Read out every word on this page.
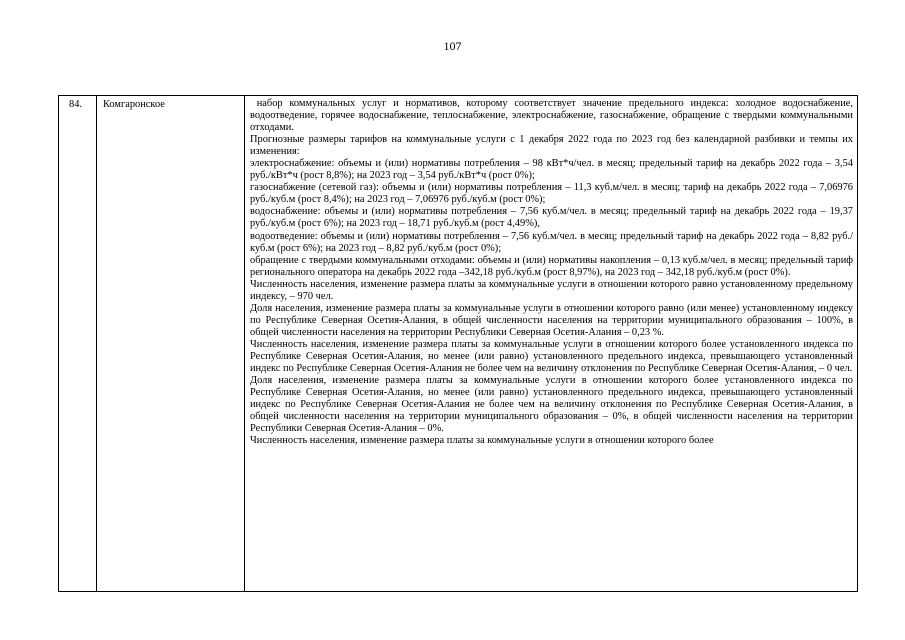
107
84.	Комгаронское	набор коммунальных услуг и нормативов, которому соответствует значение предельного индекса: холодное водоснабжение, водоотведение, горячее водоснабжение, теплоснабжение, электроснабжение, газоснабжение, обращение с твердыми коммунальными отходами.

Прогнозные размеры тарифов на коммунальные услуги с 1 декабря 2022 года по 2023 год без календарной разбивки и темпы их изменения:

электроснабжение: объемы и (или) нормативы потребления – 98 кВт*ч/чел. в месяц; предельный тариф на декабрь 2022 года – 3,54 руб./кВт*ч (рост 8,8%); на 2023 год – 3,54 руб./кВт*ч (рост 0%);

газоснабжение (сетевой газ): объемы и (или) нормативы потребления – 11,3 куб.м/чел. в месяц; тариф на декабрь 2022 года – 7,06976 руб./куб.м (рост 8,4%); на 2023 год – 7,06976 руб./куб.м (рост 0%);

водоснабжение: объемы и (или) нормативы потребления – 7,56 куб.м/чел. в месяц; предельный тариф на декабрь 2022 года – 19,37 руб./куб.м (рост 6%); на 2023 год – 18,71 руб./куб.м (рост 4,49%),

водоотведение: объемы и (или) нормативы потребления – 7,56 куб.м/чел. в месяц; предельный тариф на декабрь 2022 года – 8,82 руб./куб.м (рост 6%); на 2023 год – 8,82 руб./куб.м (рост 0%);

обращение с твердыми коммунальными отходами: объемы и (или) нормативы накопления – 0,13 куб.м/чел. в месяц; предельный тариф регионального оператора на декабрь 2022 года –342,18 руб./куб.м (рост 8,97%), на 2023 год – 342,18 руб./куб.м (рост 0%).

Численность населения, изменение размера платы за коммунальные услуги в отношении которого равно установленному предельному индексу, – 970 чел.

Доля населения, изменение размера платы за коммунальные услуги в отношении которого равно (или менее) установленному индексу по Республике Северная Осетия-Алания, в общей численности населения на территории муниципального образования – 100%, в общей численности населения на территории Республики Северная Осетия-Алания – 0,23 %.

Численность населения, изменение размера платы за коммунальные услуги в отношении которого более установленного индекса по Республике Северная Осетия-Алания, но менее (или равно) установленного предельного индекса, превышающего установленный индекс по Республике Северная Осетия-Алания не более чем на величину отклонения по Республике Северная Осетия-Алания, – 0 чел.

Доля населения, изменение размера платы за коммунальные услуги в отношении которого более установленного индекса по Республике Северная Осетия-Алания, но менее (или равно) установленного предельного индекса, превышающего установленный индекс по Республике Северная Осетия-Алания не более чем на величину отклонения по Республике Северная Осетия-Алания, в общей численности населения на территории муниципального образования – 0%, в общей численности населения на территории Республики Северная Осетия-Алания – 0%.

Численность населения, изменение размера платы за коммунальные услуги в отношении которого более
